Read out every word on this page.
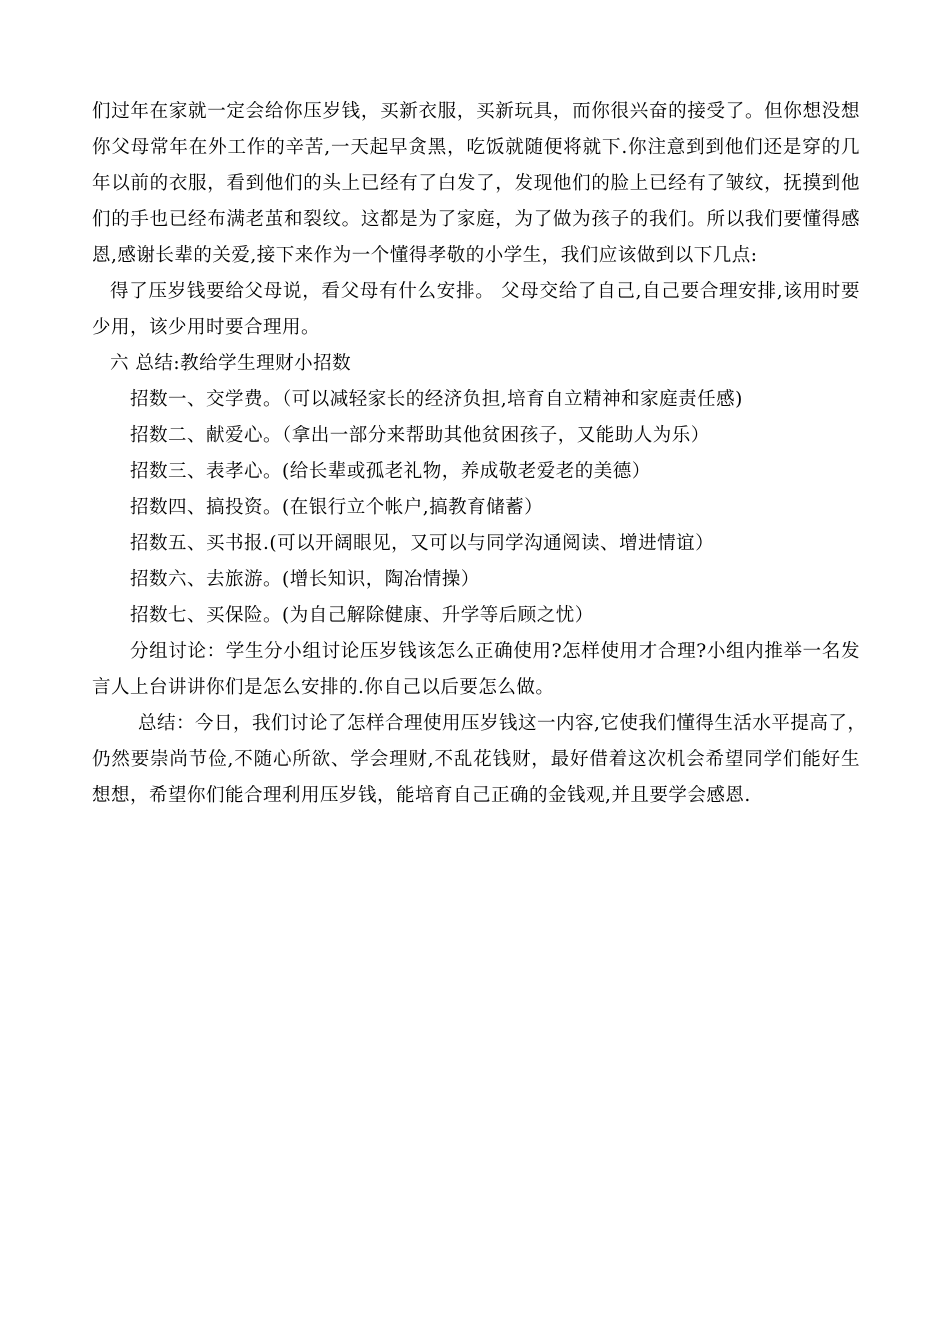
们过年在家就一定会给你压岁钱，买新衣服，买新玩具，而你很兴奋的接受了。但你想没想
你父母常年在外工作的辛苦,一天起早贪黑，吃饭就随便将就下.你注意到到他们还是穿的几
年以前的衣服，看到他们的头上已经有了白发了，发现他们的脸上已经有了皱纹，抚摸到他
们的手也已经布满老茧和裂纹。这都是为了家庭，为了做为孩子的我们。所以我们要懂得感
恩,感谢长辈的关爱,接下来作为一个懂得孝敬的小学生，我们应该做到以下几点:
得了压岁钱要给父母说，看父母有什么安排。 父母交给了自己,自己要合理安排,该用时要
少用，该少用时要合理用。
六 总结:教给学生理财小招数
招数一、交学费。（可以减轻家长的经济负担,培育自立精神和家庭责任感)
招数二、献爱心。（拿出一部分来帮助其他贫困孩子，又能助人为乐）
招数三、表孝心。(给长辈或孤老礼物，养成敬老爱老的美德）
招数四、搞投资。(在银行立个帐户,搞教育储蓄）
招数五、买书报.(可以开阔眼见，又可以与同学沟通阅读、增进情谊）
招数六、去旅游。(增长知识，陶冶情操）
招数七、买保险。(为自己解除健康、升学等后顾之忧）
分组讨论：学生分小组讨论压岁钱该怎么正确使用?怎样使用才合理?小组内推举一名发
言人上台讲讲你们是怎么安排的.你自己以后要怎么做。
总结：今日，我们讨论了怎样合理使用压岁钱这一内容,它使我们懂得生活水平提高了，
仍然要崇尚节俭,不随心所欲、学会理财,不乱花钱财，最好借着这次机会希望同学们能好生
想想，希望你们能合理利用压岁钱，能培育自己正确的金钱观,并且要学会感恩.
